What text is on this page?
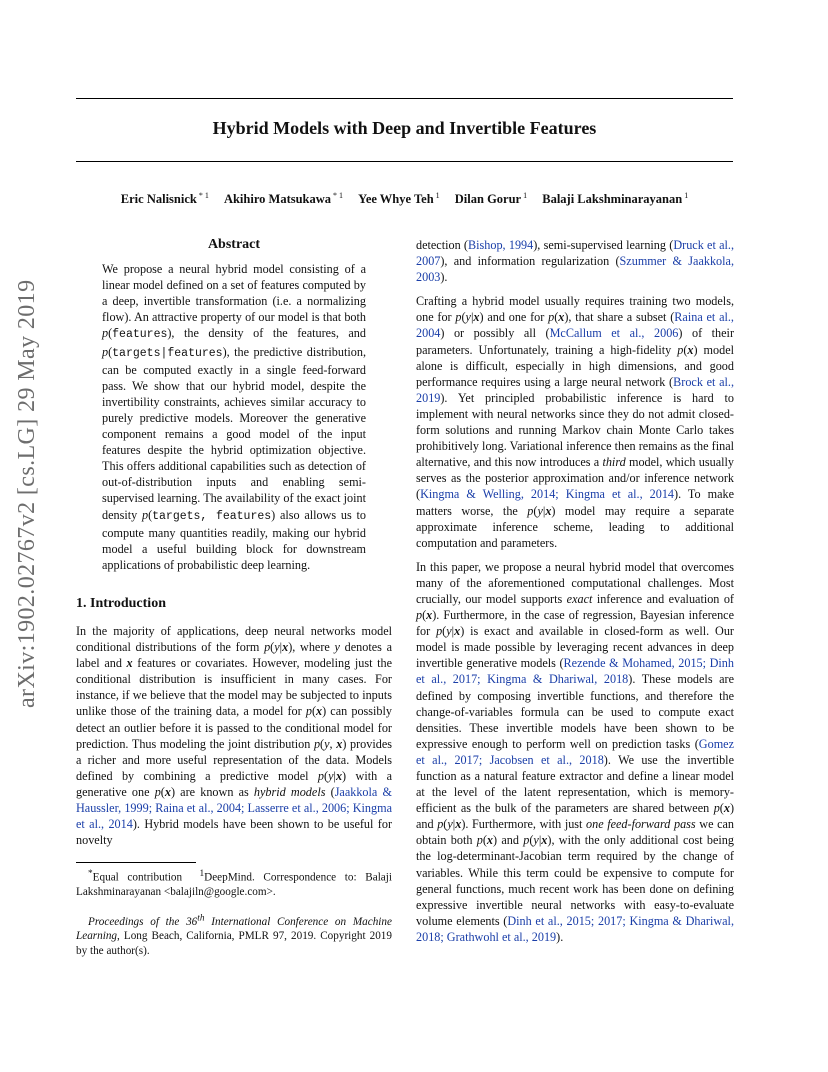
Hybrid Models with Deep and Invertible Features
Eric Nalisnick $^{* 1}$ Akihiro Matsukawa $^{* 1}$ Yee Whye Teh $^1$ Dilan Gorur $^1$ Balaji Lakshminarayanan $^1$
arXiv:1902.02767v2 [cs.LG] 29 May 2019
Abstract
We propose a neural hybrid model consisting of a linear model defined on a set of features computed by a deep, invertible transformation (i.e. a normalizing flow). An attractive property of our model is that both p(features), the density of the features, and p(targets|features), the predictive distribution, can be computed exactly in a single feed-forward pass. We show that our hybrid model, despite the invertibility constraints, achieves similar accuracy to purely predictive models. Moreover the generative component remains a good model of the input features despite the hybrid optimization objective. This offers additional capabilities such as detection of out-of-distribution inputs and enabling semi-supervised learning. The availability of the exact joint density p(targets, features) also allows us to compute many quantities readily, making our hybrid model a useful building block for downstream applications of probabilistic deep learning.
1. Introduction

In the majority of applications, deep neural networks model conditional distributions of the form p(y|x), where y denotes a label and x features or covariates. However, modeling just the conditional distribution is insufficient in many cases. For instance, if we believe that the model may be subjected to inputs unlike those of the training data, a model for p(x) can possibly detect an outlier before it is passed to the conditional model for prediction. Thus modeling the joint distribution p(y, x) provides a richer and more useful representation of the data. Models defined by combining a predictive model p(y|x) with a generative one p(x) are known as hybrid models (Jaakkola & Haussler, 1999; Raina et al., 2004; Lasserre et al., 2006; Kingma et al., 2014). Hybrid models have been shown to be useful for novelty

*Equal contribution  $^1$DeepMind. Correspondence to: Balaji Lakshminarayanan <balajiln@google.com>.

Proceedings of the 36th International Conference on Machine Learning, Long Beach, California, PMLR 97, 2019. Copyright 2019 by the author(s).

detection (Bishop, 1994), semi-supervised learning (Druck et al., 2007), and information regularization (Szummer & Jaakkola, 2003).

Crafting a hybrid model usually requires training two models, one for p(y|x) and one for p(x), that share a subset (Raina et al., 2004) or possibly all (McCallum et al., 2006) of their parameters. Unfortunately, training a high-fidelity p(x) model alone is difficult, especially in high dimensions, and good performance requires using a large neural network (Brock et al., 2019). Yet principled probabilistic inference is hard to implement with neural networks since they do not admit closed-form solutions and running Markov chain Monte Carlo takes prohibitively long. Variational inference then remains as the final alternative, and this now introduces a third model, which usually serves as the posterior approximation and/or inference network (Kingma & Welling, 2014; Kingma et al., 2014). To make matters worse, the p(y|x) model may require a separate approximate inference scheme, leading to additional computation and parameters.

In this paper, we propose a neural hybrid model that overcomes many of the aforementioned computational challenges. Most crucially, our model supports exact inference and evaluation of p(x). Furthermore, in the case of regression, Bayesian inference for p(y|x) is exact and available in closed-form as well. Our model is made possible by leveraging recent advances in deep invertible generative models (Rezende & Mohamed, 2015; Dinh et al., 2017; Kingma & Dhariwal, 2018). These models are defined by composing invertible functions, and therefore the change-of-variables formula can be used to compute exact densities. These invertible models have been shown to be expressive enough to perform well on prediction tasks (Gomez et al., 2017; Jacobsen et al., 2018). We use the invertible function as a natural feature extractor and define a linear model at the level of the latent representation, which is memory-efficient as the bulk of the parameters are shared between p(x) and p(y|x). Furthermore, with just one feed-forward pass we can obtain both p(x) and p(y|x), with the only additional cost being the log-determinant-Jacobian term required by the change of variables. While this term could be expensive to compute for general functions, much recent work has been done on defining expressive invertible neural networks with easy-to-evaluate volume elements (Dinh et al., 2015; 2017; Kingma & Dhariwal, 2018; Grathwohl et al., 2019).
